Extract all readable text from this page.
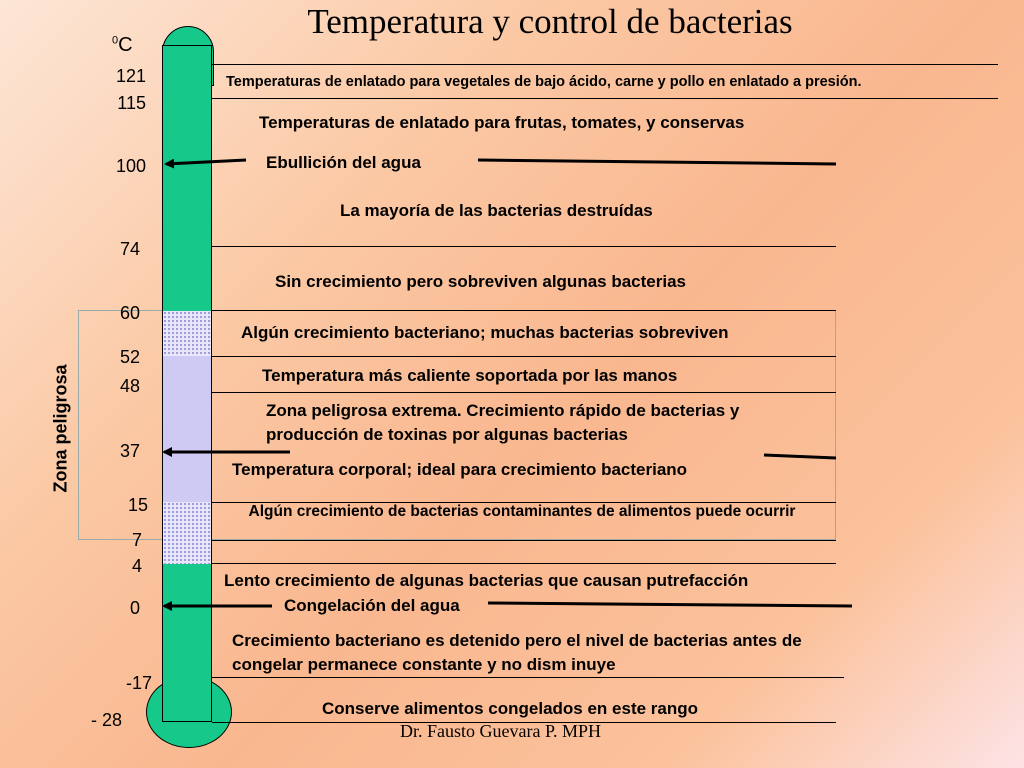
Temperatura y control de bacterias
Zona peligrosa
$^0$C
121
115
100
74
60
52
48
37
15
7
4
0
-17
- 28
Temperaturas de enlatado para vegetales de bajo ácido, carne y pollo en enlatado a presión.
Temperaturas de enlatado para frutas, tomates, y conservas
Ebullición del agua
La mayoría de las bacterias destruídas
Sin crecimiento pero sobreviven algunas bacterias
Algún crecimiento bacteriano; muchas bacterias sobreviven
Temperatura más caliente soportada por las manos
Zona peligrosa extrema. Crecimiento rápido de bacterias y producción de toxinas por algunas bacterias
Temperatura corporal; ideal para crecimiento bacteriano
Algún crecimiento de bacterias contaminantes de alimentos puede ocurrir
Lento crecimiento de algunas bacterias que causan putrefacción
Congelación del agua
Crecimiento bacteriano es detenido pero el nivel de bacterias antes de congelar permanece constante y no dism inuye
Conserve alimentos congelados en este rango
Dr. Fausto Guevara P. MPH
